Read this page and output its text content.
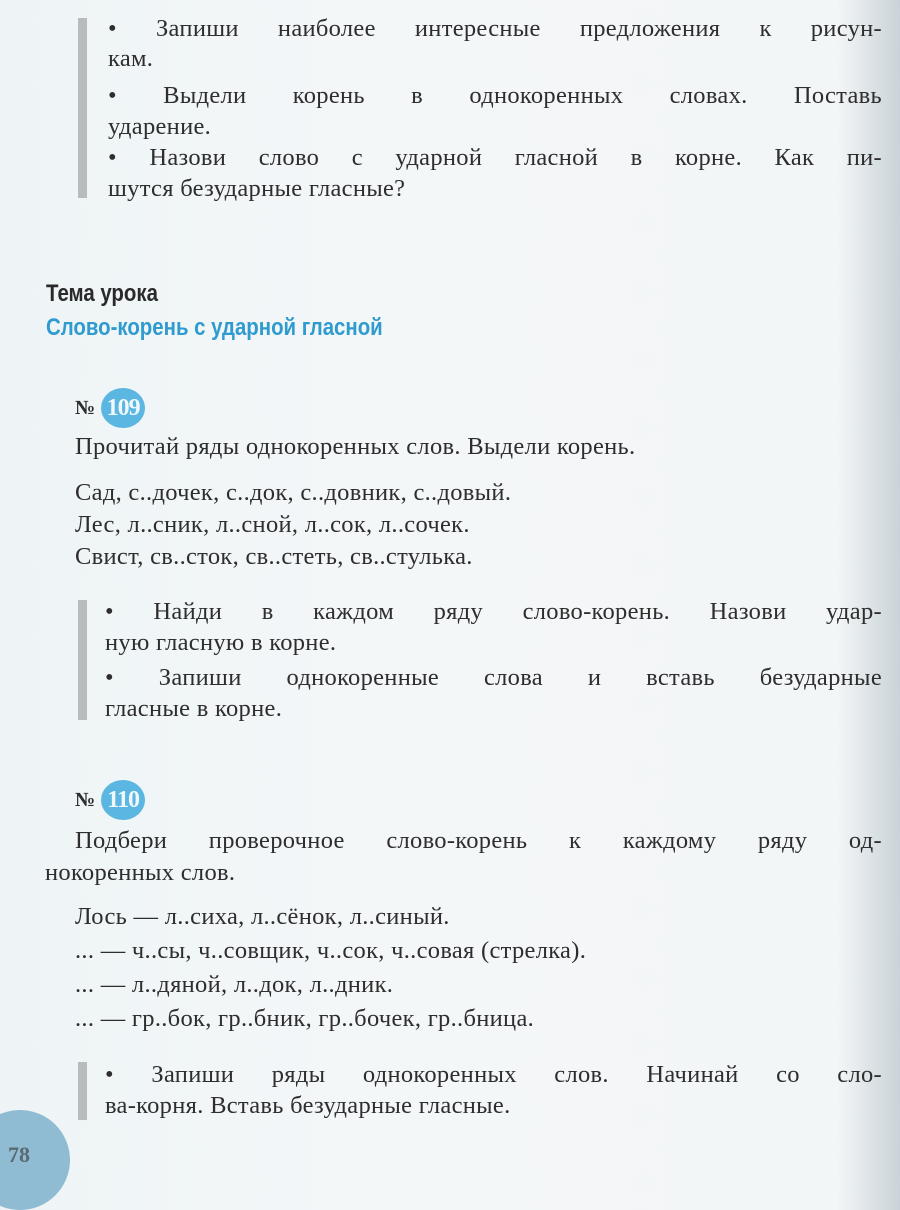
• Запиши наиболее интересные предложения к рисун-
кам.
• Выдели корень в однокоренных словах. Поставь
ударение.
• Назови слово с ударной гласной в корне. Как пи-
шутся безударные гласные?
Тема урока
Слово-корень с ударной гласной
№ 109
Прочитай ряды однокоренных слов. Выдели корень.
Сад, с..дочек, с..док, с..довник, с..довый.
Лес, л..сник, л..сной, л..сок, л..сочек.
Свист, св..сток, св..стеть, св..стулька.
• Найди в каждом ряду слово-корень. Назови удар-
ную гласную в корне.
• Запиши однокоренные слова и вставь безударные
гласные в корне.
№ 110
Подбери проверочное слово-корень к каждому ряду од-
нокоренных слов.
Лось — л..сиха, л..сёнок, л..синый.
... — ч..сы, ч..совщик, ч..сок, ч..совая (стрелка).
... — л..дяной, л..док, л..дник.
... — гр..бок, гр..бник, гр..бочек, гр..бница.
• Запиши ряды однокоренных слов. Начинай со сло-
ва-корня. Вставь безударные гласные.
78
